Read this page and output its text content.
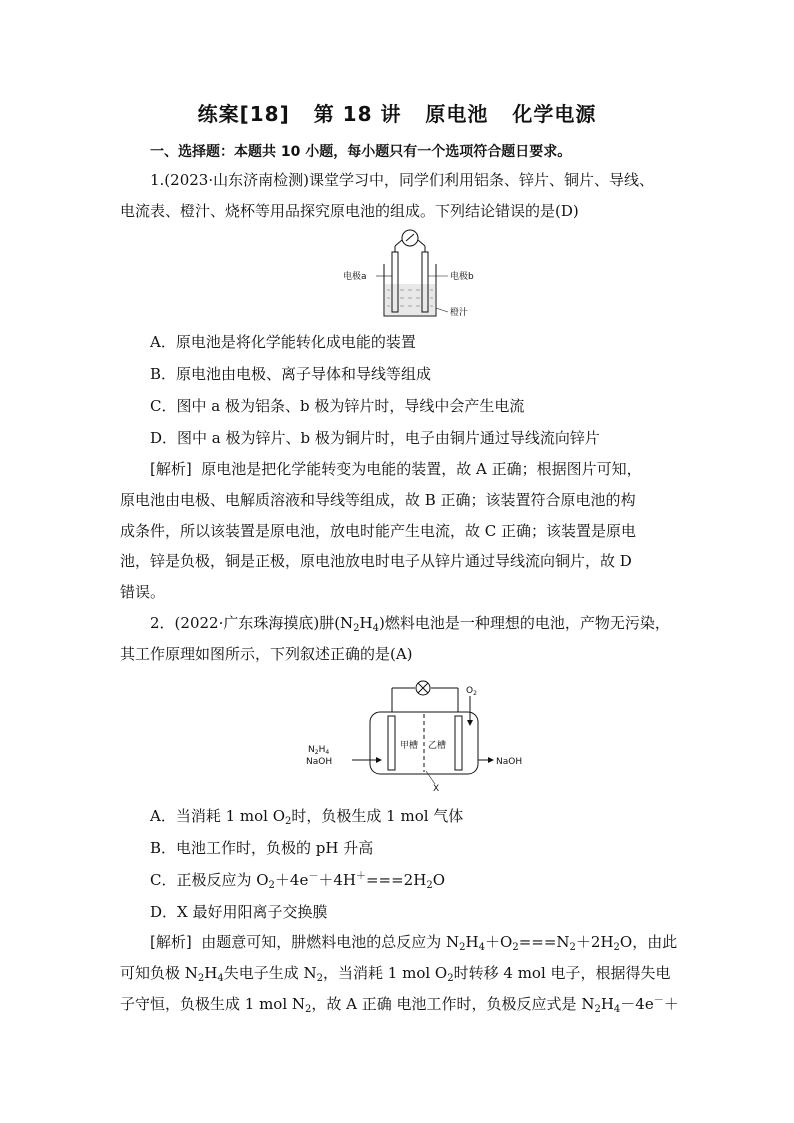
练案[18] 第 18 讲 原电池 化学电源
一、选择题：本题共 10 小题，每小题只有一个选项符合题日要求。
1.(2023·山东济南检测)课堂学习中，同学们利用铝条、锌片、铜片、导线、
电流表、橙汁、烧杯等用品探究原电池的组成。下列结论错误的是(D)
电极a	电极b
橙汁
A．原电池是将化学能转化成电能的装置
B．原电池由电极、离子导体和导线等组成
C．图中 a 极为铝条、b 极为锌片时，导线中会产生电流
D．图中 a 极为锌片、b 极为铜片时，电子由铜片通过导线流向锌片
[解析] 原电池是把化学能转变为电能的装置，故 A 正确；根据图片可知，
原电池由电极、电解质溶液和导线等组成，故 B 正确；该装置符合原电池的构
成条件，所以该装置是原电池，放电时能产生电流，故 C 正确；该装置是原电
池，锌是负极，铜是正极，原电池放电时电子从锌片通过导线流向铜片，故 D
错误。
2．(2022·广东珠海摸底)肼$(N_2H_4)$燃料电池是一种理想的电池，产物无污染，
其工作原理如图所示，下列叙述正确的是(A)
$O_2$
$N_2H_4$
NaOH	NaOH
甲槽 乙槽
X
A．当消耗 1 mol $O_2$时，负极生成 1 mol 气体
B．电池工作时，负极的 pH 升高
C．正极反应为 $O_2+4e^-+4H^+===2H_2O$
D．X 最好用阳离子交换膜
[解析] 由题意可知，肼燃料电池的总反应为 $N_2H_4+O_2===N_2+2H_2O$，由此
可知负极 $N_2H_4$失电子生成 $N_2$，当消耗 1 mol $O_2$时转移 4 mol 电子，根据得失电
子守恒，负极生成 1 mol $N_2$，故 A 正确 电池工作时，负极反应式是 $N_2H_4-4e^-+$
